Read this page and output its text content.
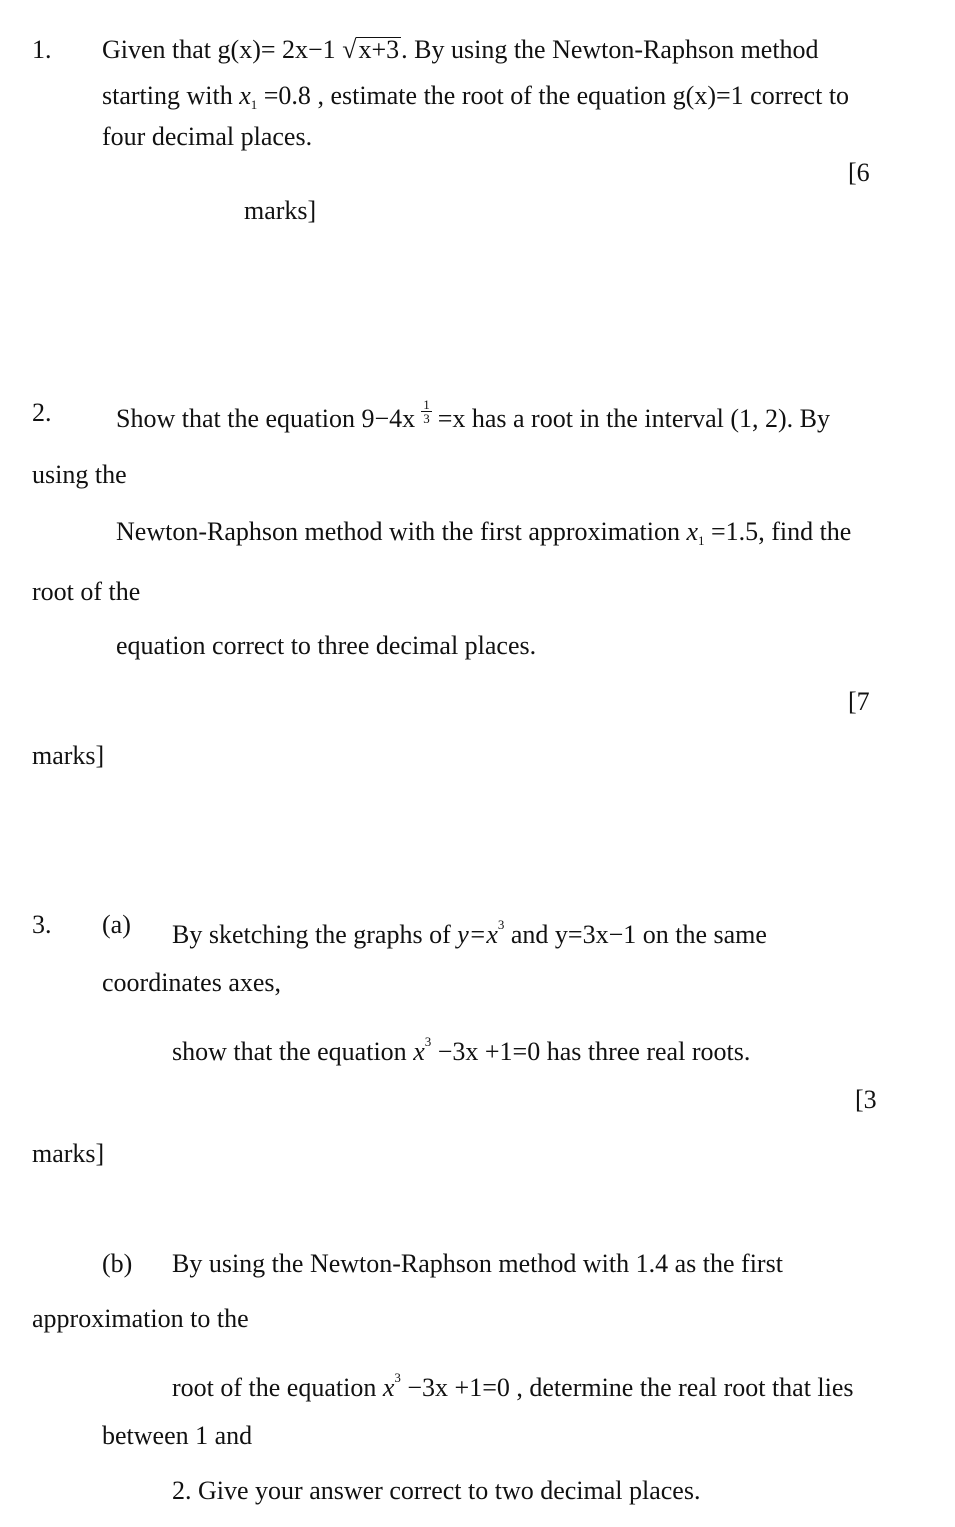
1. Given that g(x)= 2x−1 √x+3. By using the Newton-Raphson method
starting with $x_1 =0.8$ , estimate the root of the equation g(x)=1 correct to
four decimal places.
[6
marks]
2. Show that the equation $9-4x \frac{1}{3} =x$ has a root in the interval (1, 2). By
using the
Newton-Raphson method with the first approximation $x_1 =1.5$, find the
root of the
equation correct to three decimal places.
[7
marks]
3. (a) By sketching the graphs of $y=x^3$ and y=3x−1 on the same
coordinates axes,
show that the equation $x^3 -3x +1=0$ has three real roots.
[3
marks]
(b) By using the Newton-Raphson method with 1.4 as the first
approximation to the
root of the equation $x^3 -3x +1=0$ , determine the real root that lies
between 1 and
2. Give your answer correct to two decimal places.
